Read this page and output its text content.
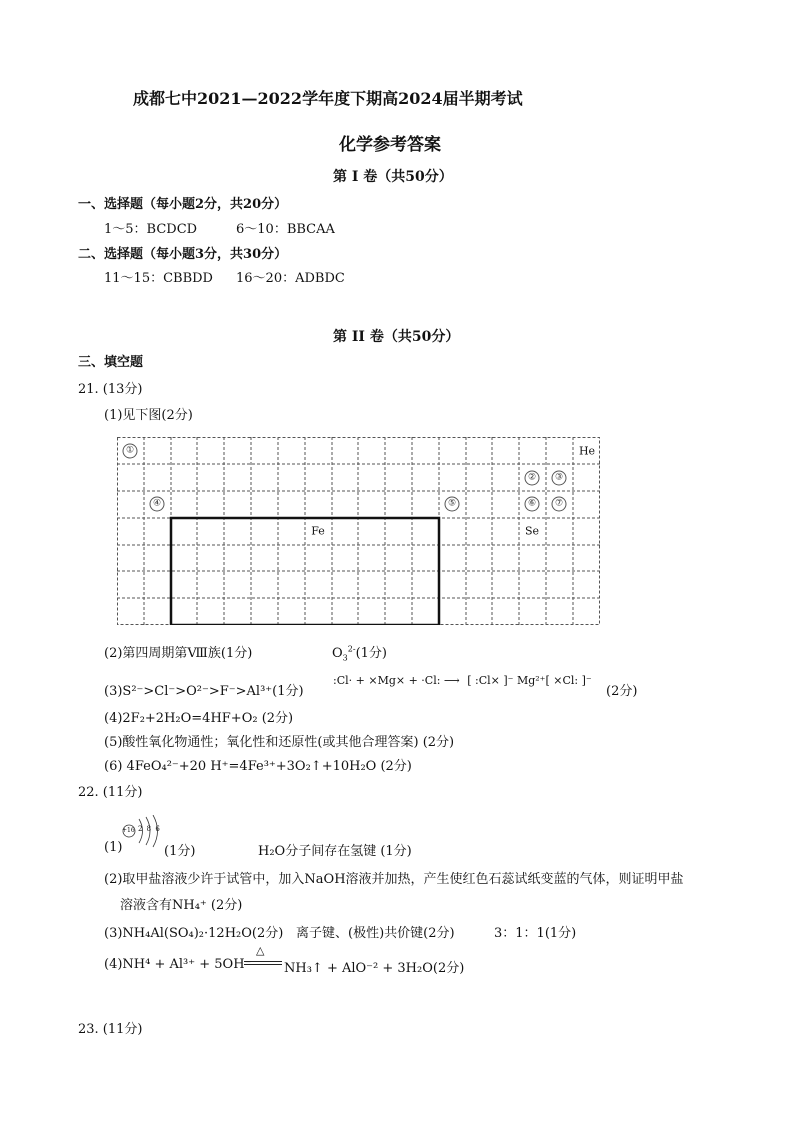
成都七中2021—2022学年度下期高2024届半期考试
化学参考答案
第 I 卷（共50分）
一、选择题（每小题2分，共20分）
1～5：BCDCD	6～10：BBCAA
二、选择题（每小题3分，共30分）
11～15：CBBDD 16～20：ADBDC
第 II 卷（共50分）
三、填空题
21. (13分)
(1)见下图(2分)
He
Fe	Se
①
②	③
④	⑤	⑥	⑦
(2)第四周期第Ⅷ族(1分)	$O_3^{2-}(1$分)
(3)S²⁻>Cl⁻>O²⁻>F⁻>Al³⁺(1分)
:Cl· + ×Mg× + ·Cl: ⟶ [ :Cl× ]⁻ Mg²⁺[ ×Cl: ]⁻
(2分)
(4)2F₂+2H₂O=4HF+O₂ (2分)
(5)酸性氧化物通性；氧化性和还原性(或其他合理答案) (2分)
(6) 4FeO₄²⁻+20 H⁺=4Fe³⁺+3O₂↑+10H₂O (2分)
22. (11分)
(1)
+16 2 8 6
(1分)	H₂O分子间存在氢键 (1分)
(2)取甲盐溶液少许于试管中，加入NaOH溶液并加热，产生使红色石蕊试纸变蓝的气体，则证明甲盐
溶液含有NH₄⁺ (2分)
(3)NH₄Al(SO₄)₂·12H₂O(2分) 离子键、(极性)共价键(2分)	3：1：1(1分)
(4)NH⁴ + Al³⁺ + 5OH⁻
△
NH₃↑ + AlO⁻² + 3H₂O(2分)
23. (11分)
